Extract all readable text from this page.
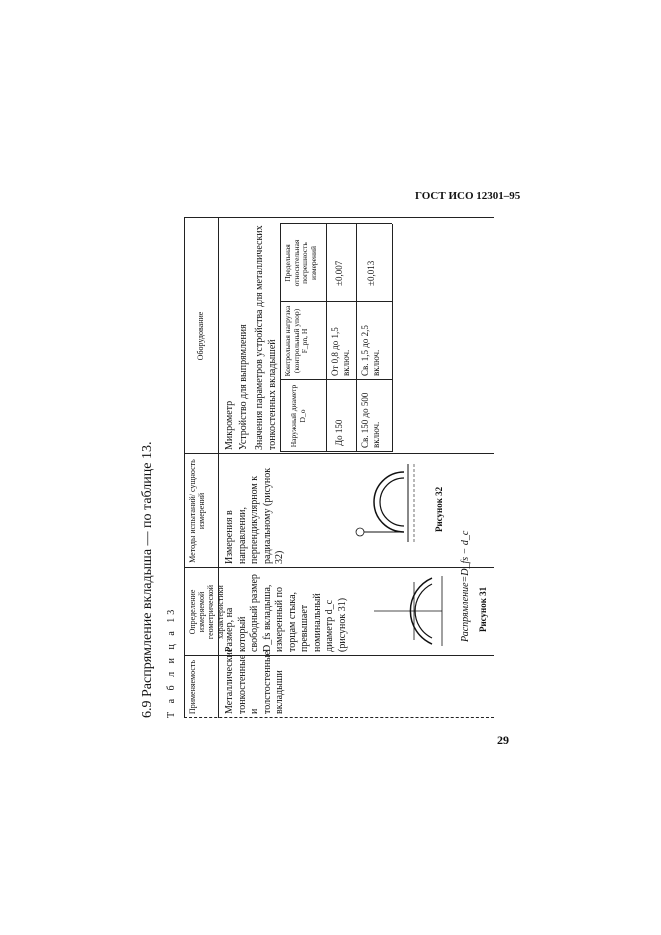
ГОСТ ИСО 12301–95
6.9 Распрямление вкладыша — по таблице 13. Т а б л и ц а 13 Применяемость
Определение измеряемой геометрической характеристики
Методы испытаний/ сущность измерений
Оборудование
Металлические тонкостенные и толстостенные вкладыши
Размер, на который свободный размер D_fs вкладыша, измеренный по торцам стыка, превышает номинальный диаметр d_c (рисунок 31)
Измерения в направлении, перпендикулярном к радиальному (рисунок 32)
Микрометр Устройство для выпрямления Значения параметров устройства для металлических тонкостенных вкладышей Наружный диаметр D_o
Контрольная нагрузка (контрольный упор) F_pn, Н
Предельная относительная погрешность измерений
До 150
От 0,8 до 1,5 включ.
±0,007
Св. 150 до 500 включ.
Св. 1,5 до 2,5 включ.
±0,013
Распрямление=D_fs − d_c Рисунок 31
Рисунок 32
29
